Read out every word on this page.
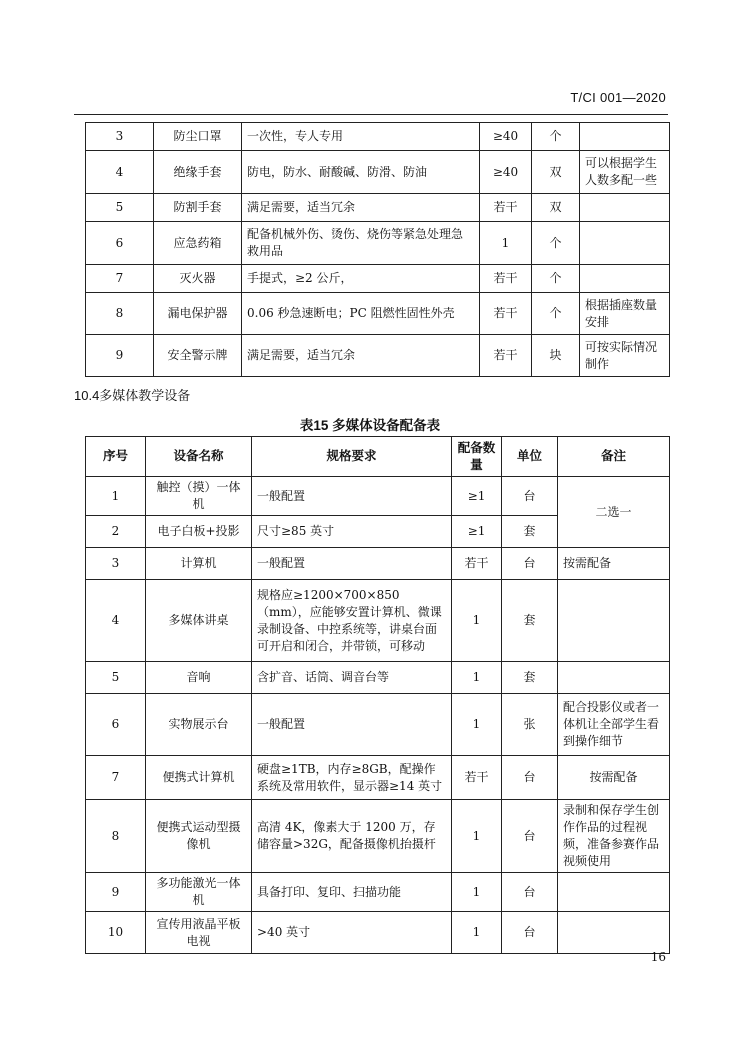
T/CI 001—2020
3	防尘口罩	一次性，专人专用	≥40	个	
4	绝缘手套	防电，防水、耐酸碱、防滑、防油	≥40	双	可以根据学生人数多配一些
5	防割手套	满足需要，适当冗余	若干	双	
6	应急药箱	配备机械外伤、烫伤、烧伤等紧急处理急救用品	1	个	
7	灭火器	手提式，≥2 公斤，	若干	个	
8	漏电保护器	0.06 秒急速断电；PC 阻燃性固性外壳	若干	个	根据插座数量安排
9	安全警示牌	满足需要，适当冗余	若干	块	可按实际情况制作
10.4多媒体教学设备
表15 多媒体设备配备表
序号	设备名称	规格要求	配备数量	单位	备注
1	触控（摸）一体机	一般配置	≥1	台	二选一
2	电子白板+投影	尺寸≥85 英寸	≥1	套	
3	计算机	一般配置	若干	台	按需配备
4	多媒体讲桌	规格应≥1200×700×850（mm），应能够安置计算机、微课录制设备、中控系统等，讲桌台面可开启和闭合，并带锁，可移动	1	套	
5	音响	含扩音、话筒、调音台等	1	套	
6	实物展示台	一般配置	1	张	配合投影仪或者一体机让全部学生看到操作细节
7	便携式计算机	硬盘≥1TB，内存≥8GB，配操作系统及常用软件，显示器≥14 英寸	若干	台	按需配备
8	便携式运动型摄像机	高清 4K，像素大于 1200 万，存储容量>32G，配备摄像机抬摄杆	1	台	录制和保存学生创作作品的过程视频，准备参赛作品视频使用
9	多功能激光一体机	具备打印、复印、扫描功能	1	台	
10	宣传用液晶平板电视	>40 英寸	1	台	
16
